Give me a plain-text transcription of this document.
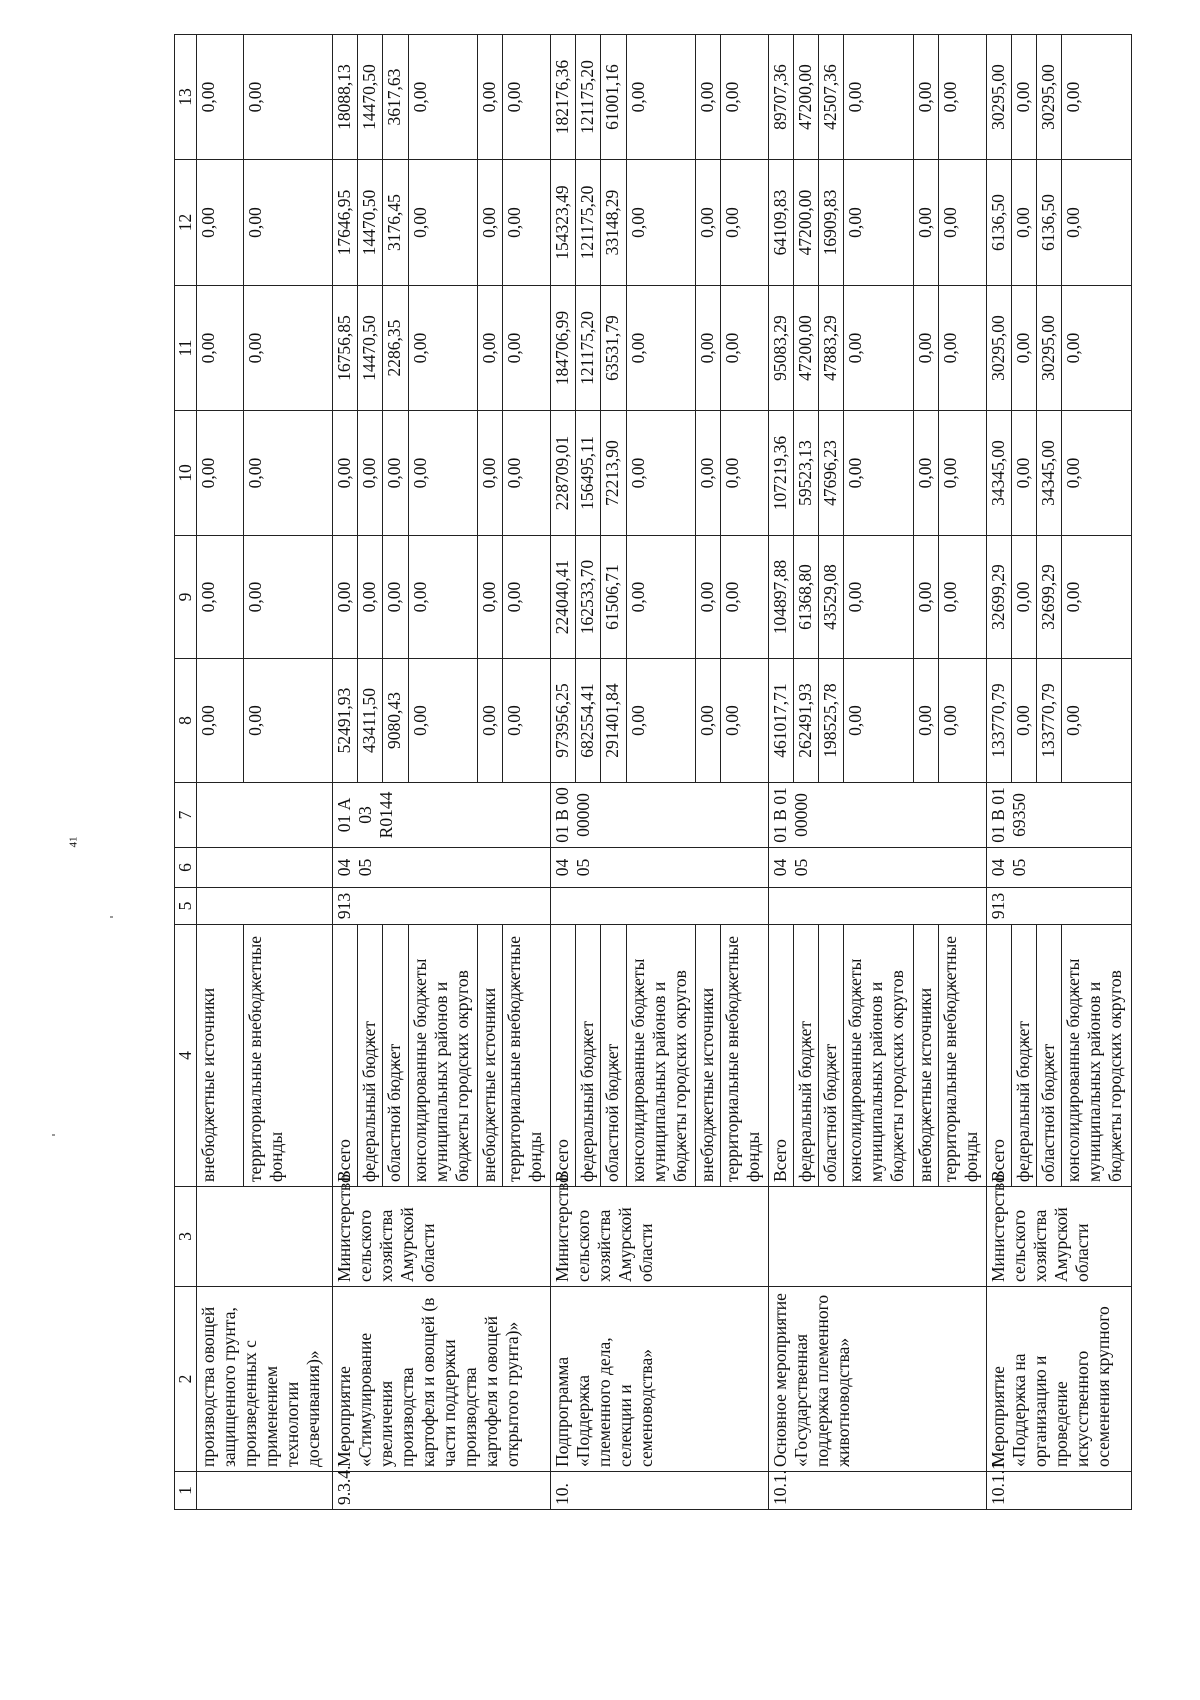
41
1	2	3	4	5	6	7	8	9	10	11	12	13
	производства овощей защищенного грунта, произведенных с применением технологии досвечивания)»		внебюджетные источники				0,00	0,00	0,00	0,00	0,00	0,00
			территориальные внебюджетные фонды				0,00	0,00	0,00	0,00	0,00	0,00
9.3.4.	Мероприятие «Стимулирование увеличения производства картофеля и овощей (в части поддержки производства картофеля и овощей открытого грунта)»	Министерство сельского хозяйства Амурской области	Всего	913	04 05	01 А 03 R0144	52491,93	0,00	0,00	16756,85	17646,95	18088,13
			федеральный бюджет				43411,50	0,00	0,00	14470,50	14470,50	14470,50
			областной бюджет				9080,43	0,00	0,00	2286,35	3176,45	3617,63
			консолидированные бюджеты муниципальных районов и бюджеты городских округов				0,00	0,00	0,00	0,00	0,00	0,00
			внебюджетные источники				0,00	0,00	0,00	0,00	0,00	0,00
			территориальные внебюджетные фонды				0,00	0,00	0,00	0,00	0,00	0,00
10.	Подпрограмма «Поддержка племенного дела, селекции и семеноводства»	Министерство сельского хозяйства Амурской области	Всего		04 05	01 В 00 00000	973956,25	224040,41	228709,01	184706,99	154323,49	182176,36
			федеральный бюджет				682554,41	162533,70	156495,11	121175,20	121175,20	121175,20
			областной бюджет				291401,84	61506,71	72213,90	63531,79	33148,29	61001,16
			консолидированные бюджеты муниципальных районов и бюджеты городских округов				0,00	0,00	0,00	0,00	0,00	0,00
			внебюджетные источники				0,00	0,00	0,00	0,00	0,00	0,00
			территориальные внебюджетные фонды				0,00	0,00	0,00	0,00	0,00	0,00
10.1.	Основное мероприятие «Государственная поддержка племенного животноводства»		Всего		04 05	01 В 01 00000	461017,71	104897,88	107219,36	95083,29	64109,83	89707,36
			федеральный бюджет				262491,93	61368,80	59523,13	47200,00	47200,00	47200,00
			областной бюджет				198525,78	43529,08	47696,23	47883,29	16909,83	42507,36
			консолидированные бюджеты муниципальных районов и бюджеты городских округов				0,00	0,00	0,00	0,00	0,00	0,00
			внебюджетные источники				0,00	0,00	0,00	0,00	0,00	0,00
			территориальные внебюджетные фонды				0,00	0,00	0,00	0,00	0,00	0,00
10.1.1.	Мероприятие «Поддержка на организацию и проведение искусственного осеменения крупного	Министерство сельского хозяйства Амурской области	Всего	913	04 05	01 В 01 69350	133770,79	32699,29	34345,00	30295,00	6136,50	30295,00
			федеральный бюджет				0,00	0,00	0,00	0,00	0,00	0,00
			областной бюджет				133770,79	32699,29	34345,00	30295,00	6136,50	30295,00
			консолидированные бюджеты муниципальных районов и бюджеты городских округов				0,00	0,00	0,00	0,00	0,00	0,00
